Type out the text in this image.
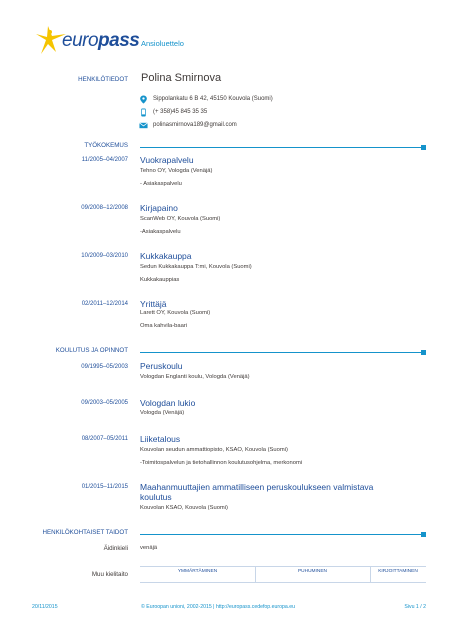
europass Ansioluettelo
HENKILÖTIEDOT Polina Smirnova
Sippolankatu 6 B 42, 45150 Kouvola (Suomi)
(+ 358)45 845 35 35
polinasmirnova189@gmail.com
TYÖKOKEMUS
11/2005–04/2007 Vuokrapalvelu
Tehno OY, Vologda (Venäjä)
- Asiakaspalvelu
09/2008–12/2008 Kirjapaino
ScanWeb OY, Kouvola (Suomi)
-Asiakaspalvelu
10/2009–03/2010 Kukkakauppa
Sedun Kukkakauppa T:mi, Kouvola (Suomi)
Kukkakauppias
02/2011–12/2014 Yrittäjä
Larett OY, Kouvola (Suomi)
Oma kahvila-baari
KOULUTUS JA OPINNOT
09/1995–05/2003 Peruskoulu
Vologdan Englanti koulu, Vologda (Venäjä)
09/2003–05/2005 Vologdan lukio
Vologda (Venäjä)
08/2007–05/2011 Liiketalous
Kouvolan seudun ammattiopisto, KSAO, Kouvola (Suomi)
-Toimitospalvelun ja tietohallinnon koulutusohjelma, merkonomi
01/2015–11/2015 Maahanmuuttajien ammatilliseen peruskoulukseen valmistava koulutus
Kouvolan KSAO, Kouvola (Suomi)
HENKILÖKOHTAISET TAIDOT
Äidinkieli venäjä
Muu kielitaito	YMMÄRTÄMINEN	PUHUMINEN	KIRJOITTAMINEN
20/11/2015	© Euroopan unioni, 2002-2015 | http://europass.cedefop.europa.eu	Sivu 1 / 2
